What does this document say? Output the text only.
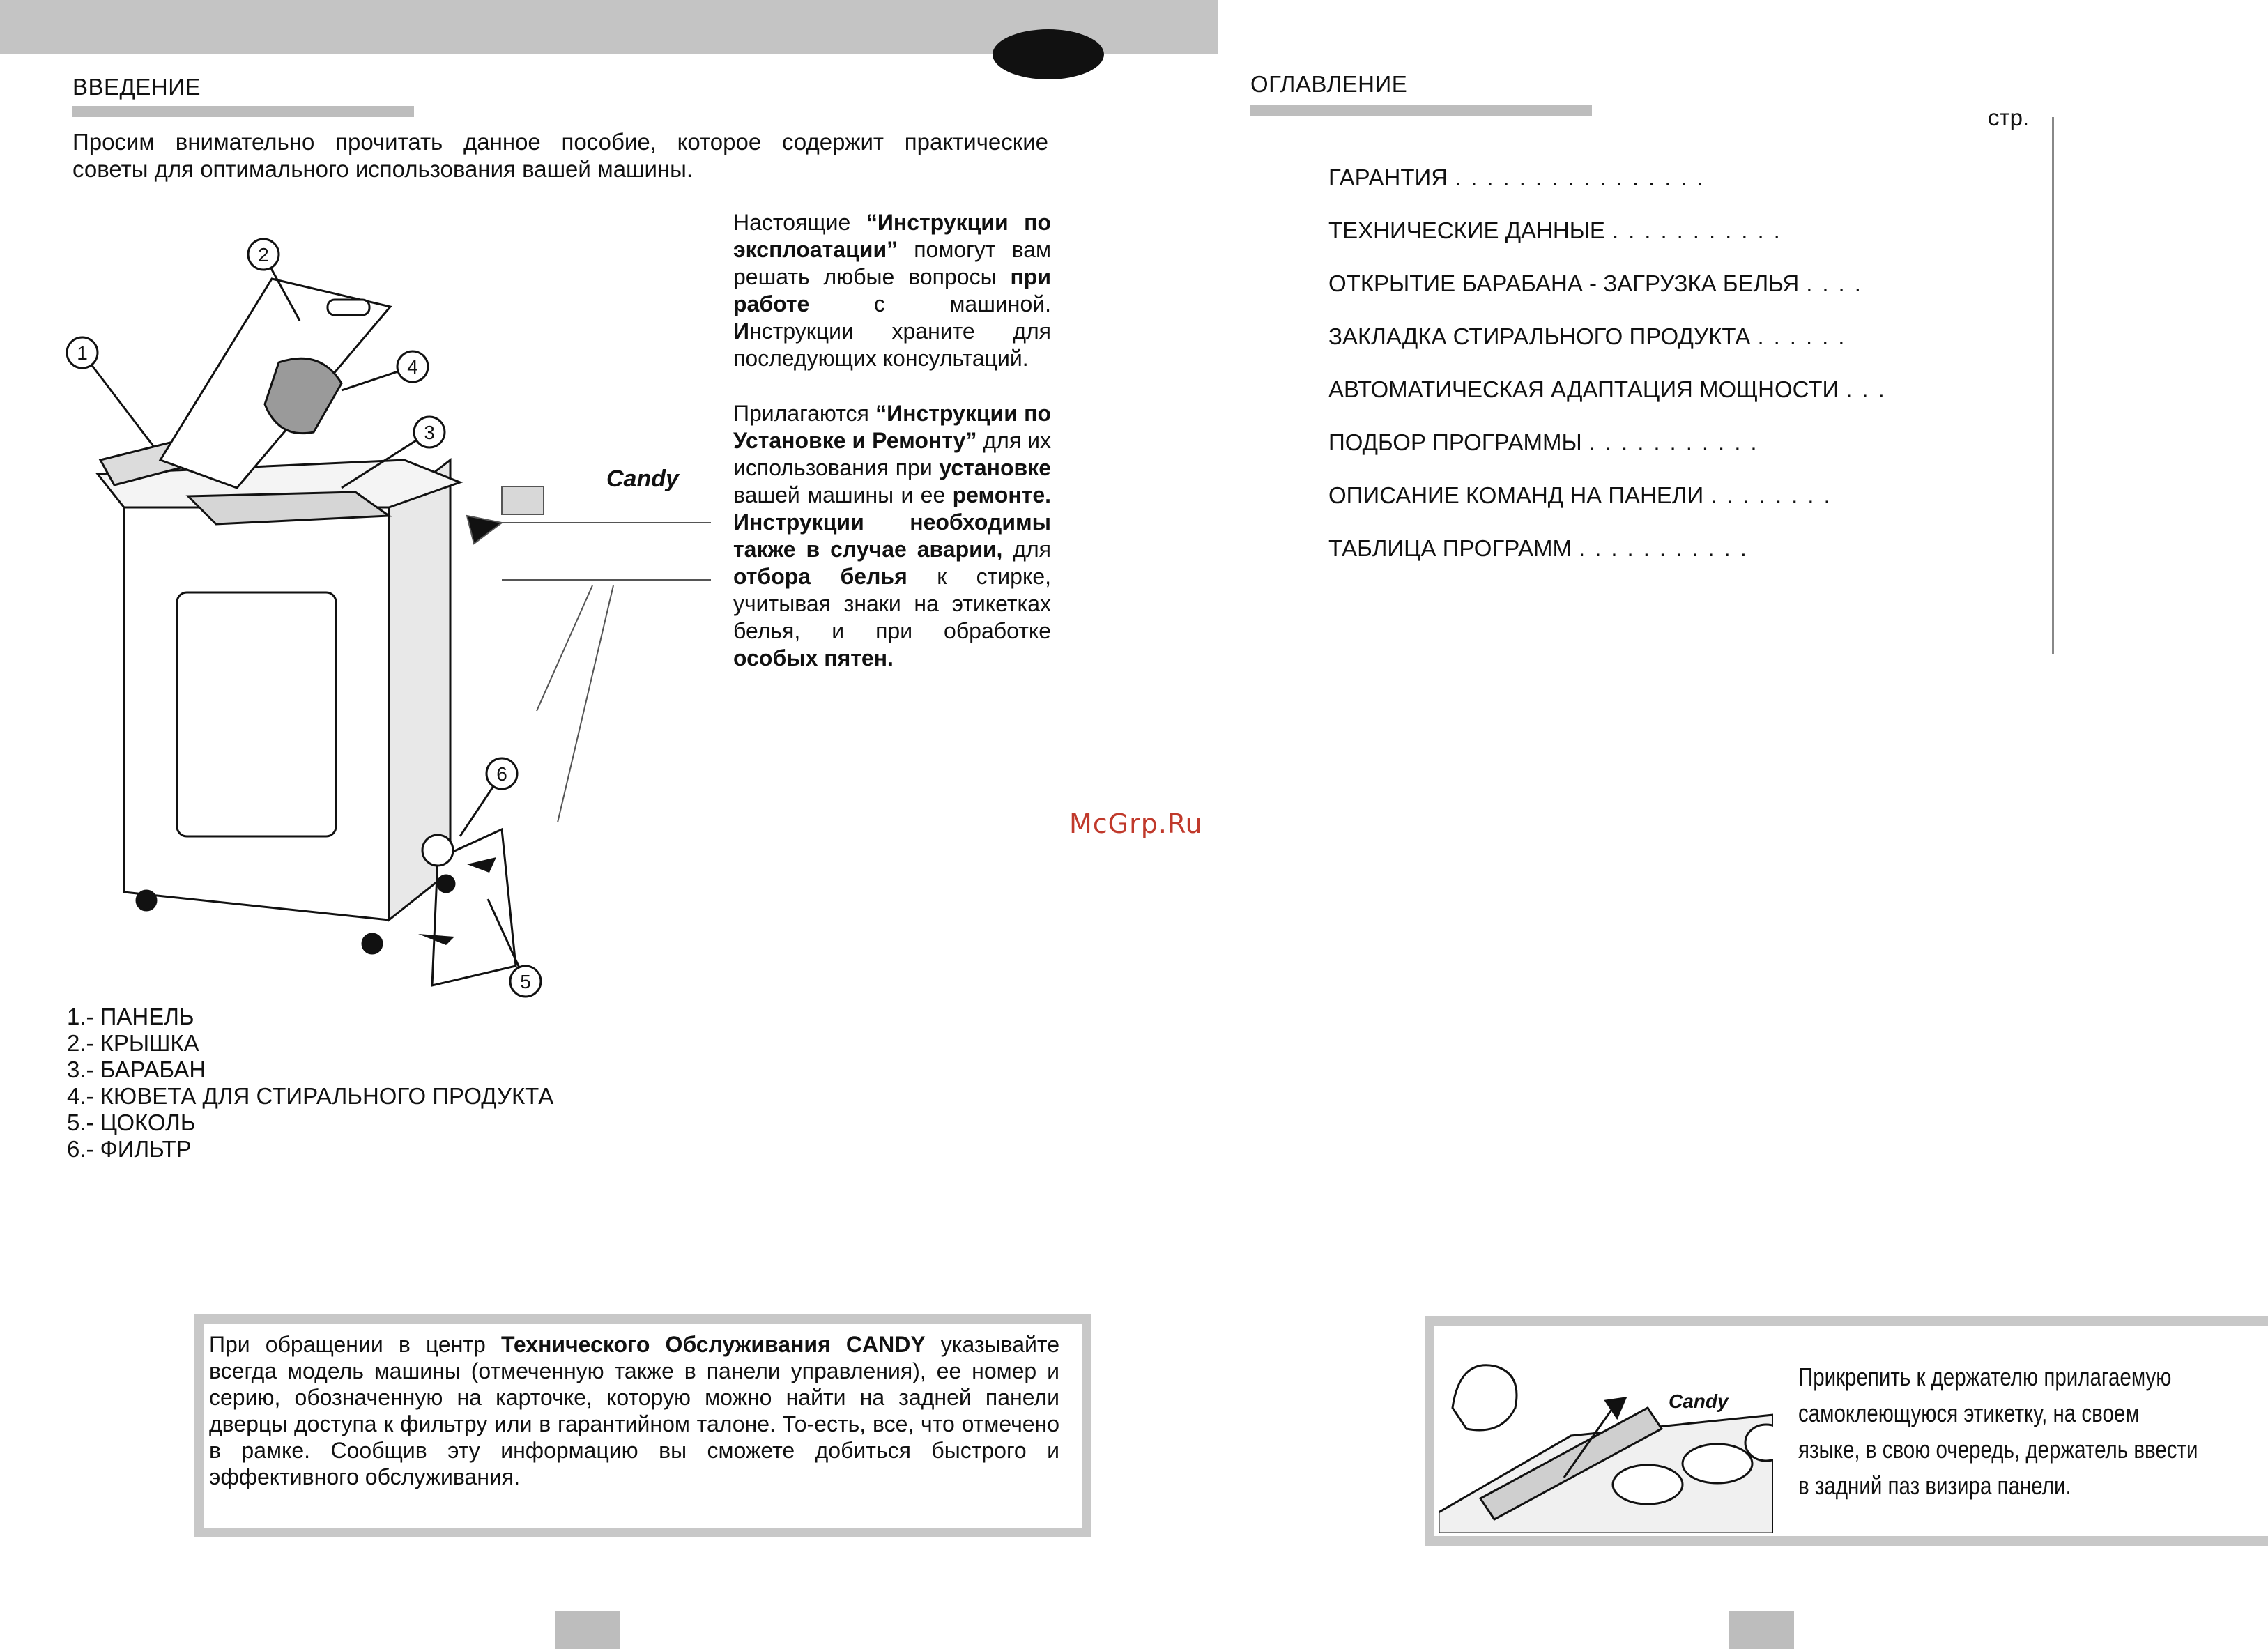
ВВЕДЕНИЕ
Просим внимательно прочитать данное пособие, которое содержит практические
советы для оптимального использования вашей машины.

Настоящие “Инструкции по эксплоатации” помогут вам решать любые вопросы при работе с машиной. Инструкции храните для последующих консультаций.

Прилагаются “Инструкции по Установке и Ремонту” для их использования при установке вашей машины и ее ремонте. Инструкции необходимы также в случае аварии, для отбора белья к стирке, учитывая знаки на этикетках белья, и при обработке особых пятен.

1
2
3
4
5
6
Candy
1.- ПАНЕЛЬ
2.- КРЫШКА
3.- БАРАБАН
4.- КЮВЕТА ДЛЯ СТИРАЛЬНОГО ПРОДУКТА
5.- ЦОКОЛЬ
6.- ФИЛЬТР
При обращении в центр Технического Обслуживания CANDY указывайте всегда модель машины (отмеченную также в панели управления), ее номер и серию, обозначенную на карточке, которую можно найти на задней панели дверцы доступа к фильтру или в гарантийном талоне. То-есть, все, что отмечено в рамке. Сообщив эту информацию вы сможете добиться быстрого и эффективного обслуживания.
McGrp.Ru
ОГЛАВЛЕНИЕ
стр.
ГАРАНТИЯ ................
ТЕХНИЧЕСКИЕ ДАННЫЕ ...........
ОТКРЫТИЕ БАРАБАНА - ЗАГРУЗКА БЕЛЬЯ ....
ЗАКЛАДКА СТИРАЛЬНОГО ПРОДУКТА ......
АВТОМАТИЧЕСКАЯ АДАПТАЦИЯ МОЩНОСТИ ...
ПОДБОР ПРОГРАММЫ ...........
ОПИСАНИЕ КОМАНД НА ПАНЕЛИ ........
ТАБЛИЦА ПРОГРАММ ...........
Candy
Прикрепить к держателю прилагаемую
самоклеющуюся этикетку, на своем
языке, в свою очередь, держатель ввести
в задний паз визира панели.
